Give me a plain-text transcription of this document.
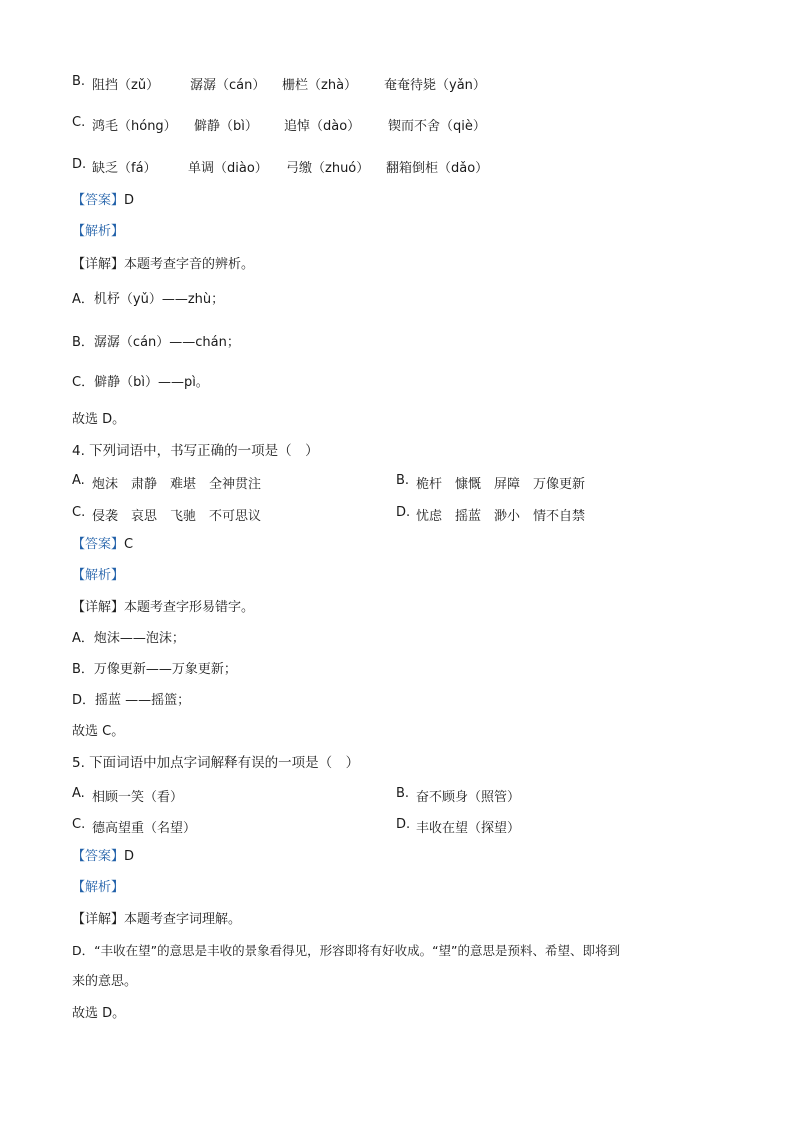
B. 阻挡（zǔ） 潺潺（cán） 栅栏（zhà） 奄奄待毙（yǎn）
C. 鸿毛（hóng） 僻静（bì） 追悼（dào） 锲而不舍（qiè）
D. 缺乏（fá） 单调（diào） 弓缴（zhuó） 翻箱倒柜（dǎo）
【答案】D
【解析】
【详解】本题考查字音的辨析。
A．机杼（yǔ）——zhù；
B．潺潺（cán）——chán；
C．僻静（bì）——pì。
故选 D。
4. 下列词语中，书写正确的一项是（　）
A. 炮沫　肃静　难堪　全神贯注	B. 桅杆　慷慨　屏障　万像更新
C. 侵袭　哀思　飞驰　不可思议	D. 忧虑　摇蓝　渺小　情不自禁
【答案】C
【解析】
【详解】本题考查字形易错字。
A．炮沫——泡沫；
B．万像更新——万象更新；
D．摇蓝 ——摇篮；
故选 C。
5. 下面词语中加点字词解释有误的一项是（　）
A. 相顾一笑（看）	B. 奋不顾身（照管）
C. 德高望重（名望）	D. 丰收在望（探望）
【答案】D
【解析】
【详解】本题考查字词理解。
D．“丰收在望”的意思是丰收的景象看得见，形容即将有好收成。“望”的意思是预料、希望、即将到
来的意思。
故选 D。
